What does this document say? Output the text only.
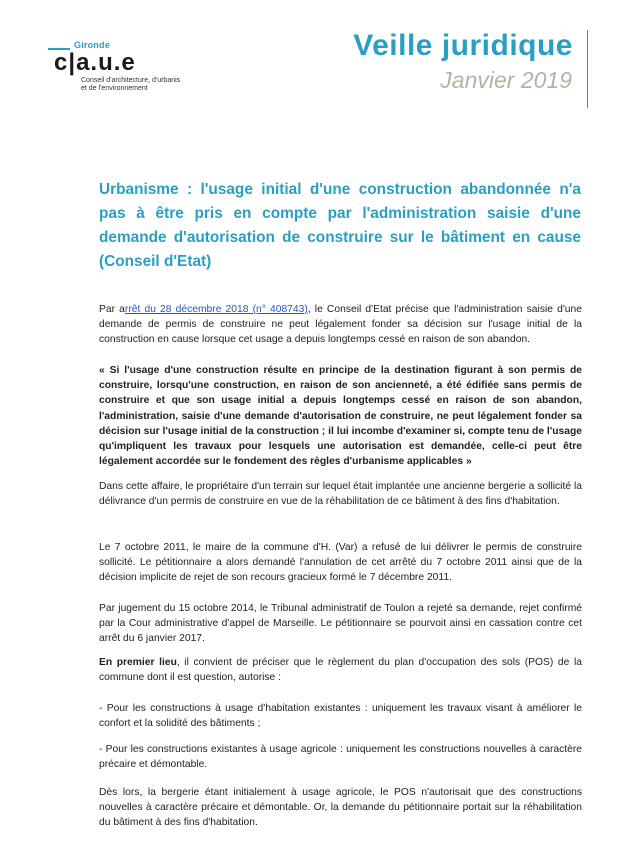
Gironde
c|a.u.e
Conseil d'architecture, d'urbanis
et de l'environnement
Veille juridique
Janvier 2019
Urbanisme : l'usage initial d'une construction abandonnée n'a pas à être pris en compte par l'administration saisie d'une demande d'autorisation de construire sur le bâtiment en cause (Conseil d'Etat)
Par arrêt du 28 décembre 2018 (n° 408743), le Conseil d'Etat précise que l'administration saisie d'une demande de permis de construire ne peut légalement fonder sa décision sur l'usage initial de la construction en cause lorsque cet usage a depuis longtemps cessé en raison de son abandon.
« Si l'usage d'une construction résulte en principe de la destination figurant à son permis de construire, lorsqu'une construction, en raison de son ancienneté, a été édifiée sans permis de construire et que son usage initial a depuis longtemps cessé en raison de son abandon, l'administration, saisie d'une demande d'autorisation de construire, ne peut légalement fonder sa décision sur l'usage initial de la construction ; il lui incombe d'examiner si, compte tenu de l'usage qu'impliquent les travaux pour lesquels une autorisation est demandée, celle-ci peut être légalement accordée sur le fondement des règles d'urbanisme applicables »
Dans cette affaire, le propriétaire d'un terrain sur lequel était implantée une ancienne bergerie a sollicité la délivrance d'un permis de construire en vue de la réhabilitation de ce bâtiment à des fins d'habitation.
Le 7 octobre 2011, le maire de la commune d'H. (Var) a refusé de lui délivrer le permis de construire sollicité. Le pétitionnaire a alors demandé l'annulation de cet arrêté du 7 octobre 2011 ainsi que de la décision implicite de rejet de son recours gracieux formé le 7 décembre 2011.
Par jugement du 15 octobre 2014, le Tribunal administratif de Toulon a rejeté sa demande, rejet confirmé par la Cour administrative d'appel de Marseille. Le pétitionnaire se pourvoit ainsi en cassation contre cet arrêt du 6 janvier 2017.
En premier lieu, il convient de préciser que le règlement du plan d'occupation des sols (POS) de la commune dont il est question, autorise :
- Pour les constructions à usage d'habitation existantes : uniquement les travaux visant à améliorer le confort et la solidité des bâtiments ;
- Pour les constructions existantes à usage agricole : uniquement les constructions nouvelles à caractère précaire et démontable.
Dès lors, la bergerie étant initialement à usage agricole, le POS n'autorisait que des constructions nouvelles à caractère précaire et démontable. Or, la demande du pétitionnaire portait sur la réhabilitation du bâtiment à des fins d'habitation.
